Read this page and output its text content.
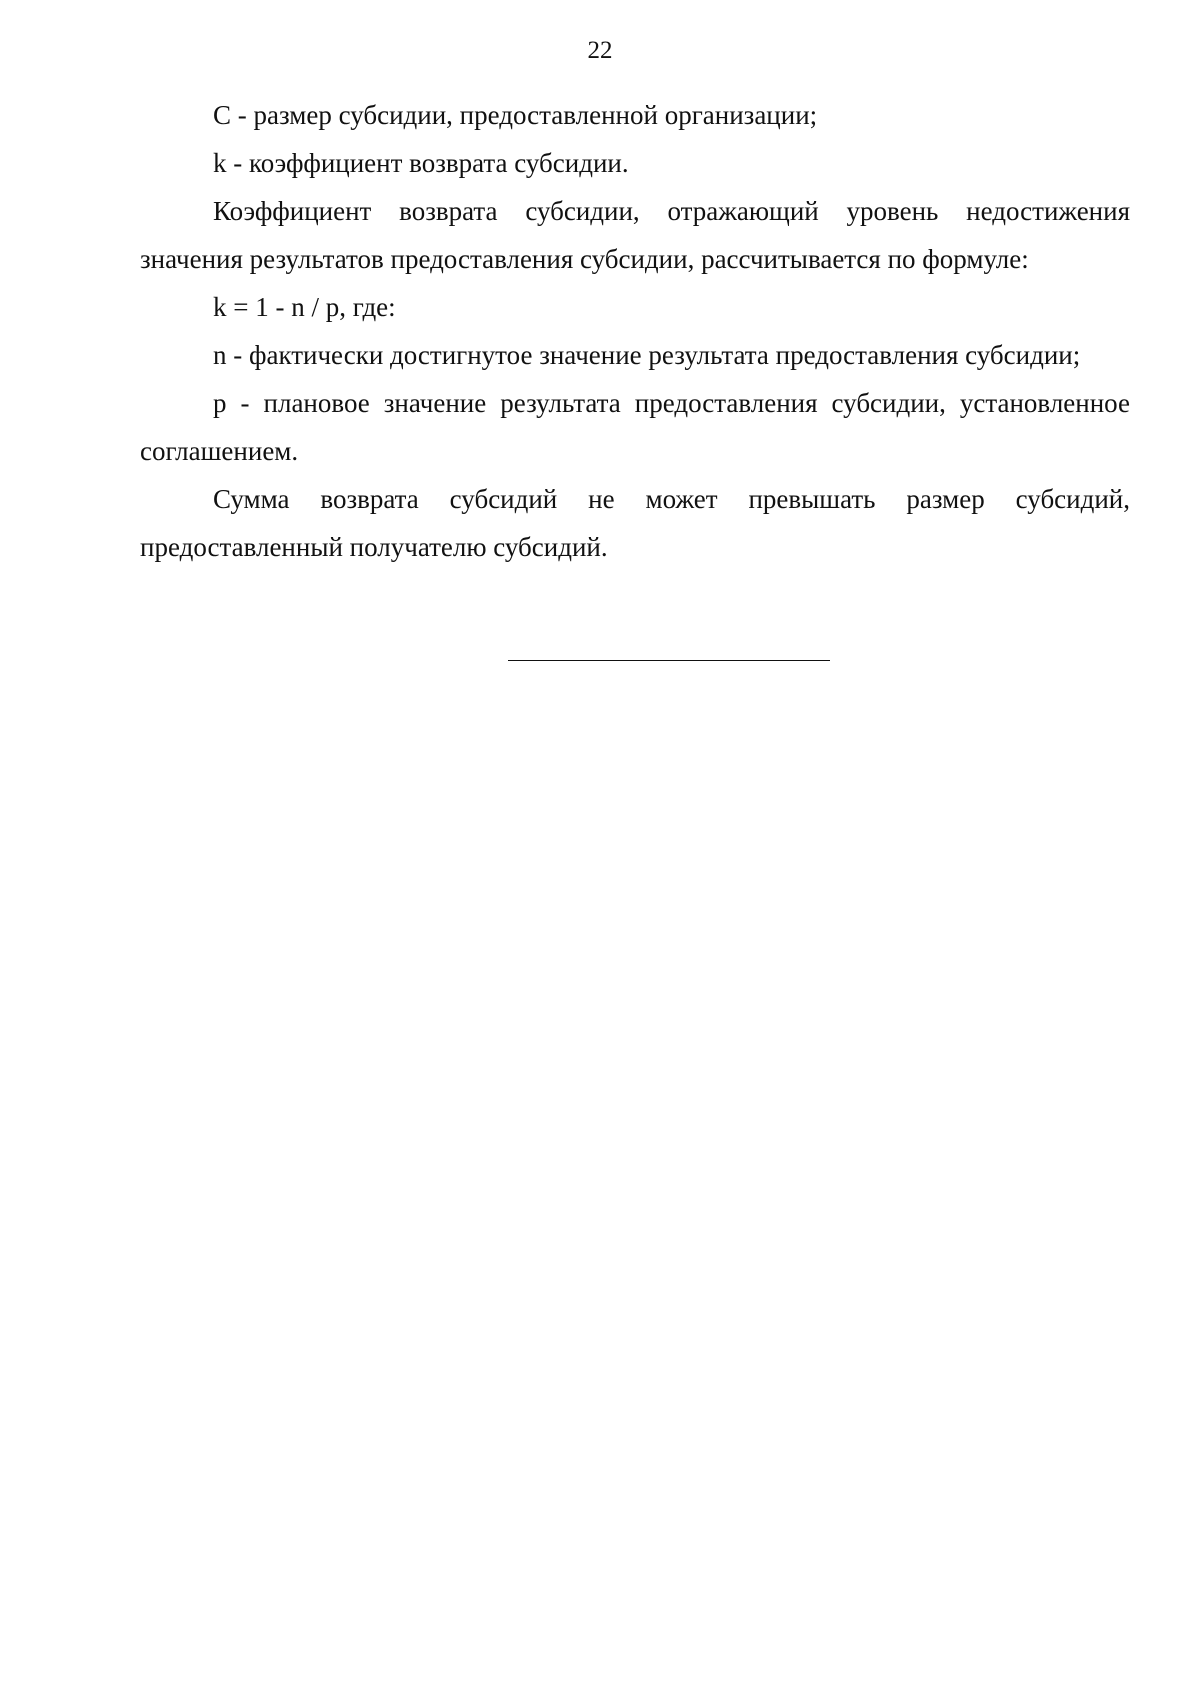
22

С - размер субсидии, предоставленной организации;

k - коэффициент возврата субсидии.

Коэффициент возврата субсидии, отражающий уровень недостижения значения результатов предоставления субсидии, рассчитывается по формуле:

k = 1 - n / p, где:

n - фактически достигнутое значение результата предоставления субсидии;

p - плановое значение результата предоставления субсидии, установленное соглашением.

Сумма возврата субсидий не может превышать размер субсидий, предоставленный получателю субсидий.
